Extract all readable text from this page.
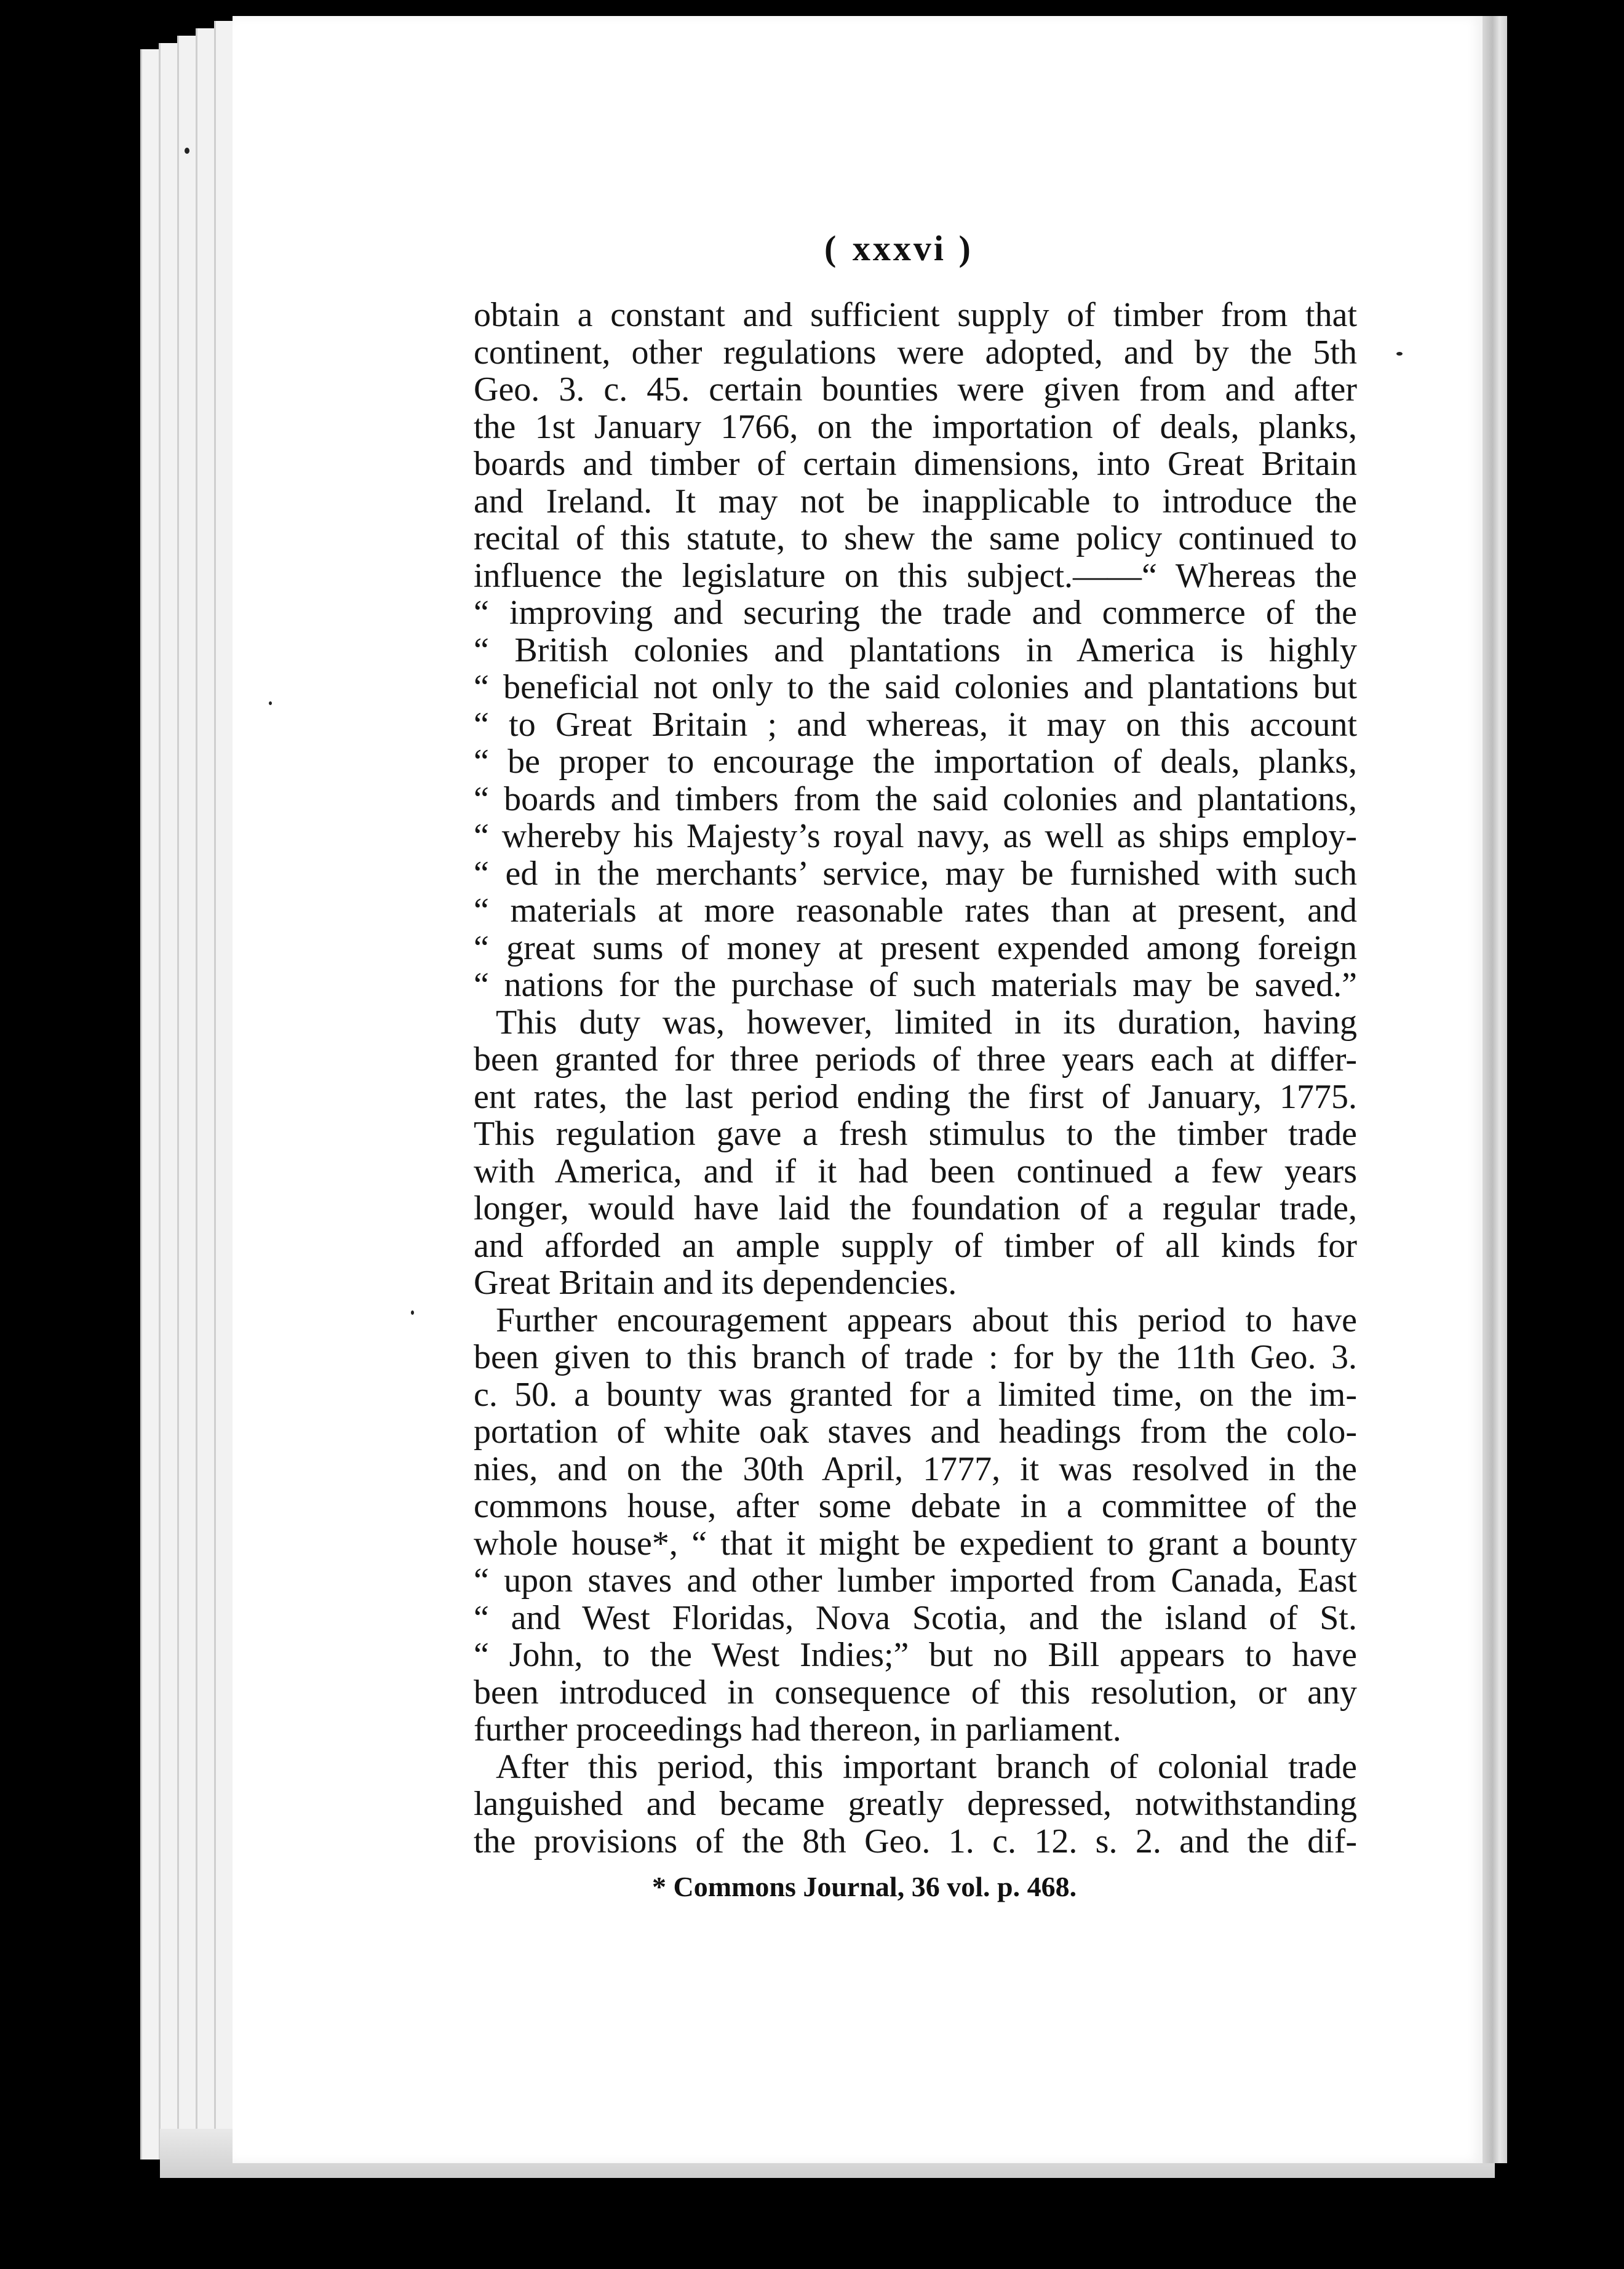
( xxxvi )
obtain a constant and sufficient supply of timber from that
continent, other regulations were adopted, and by the 5th
Geo. 3. c. 45. certain bounties were given from and after
the 1st January 1766, on the importation of deals, planks,
boards and timber of certain dimensions, into Great Britain
and Ireland. It may not be inapplicable to introduce the
recital of this statute, to shew the same policy continued to
influence the legislature on this subject.——“ Whereas the
“ improving and securing the trade and commerce of the
“ British colonies and plantations in America is highly
“ beneficial not only to the said colonies and plantations but
“ to Great Britain ; and whereas, it may on this account
“ be proper to encourage the importation of deals, planks,
“ boards and timbers from the said colonies and plantations,
“ whereby his Majesty’s royal navy, as well as ships employ-
“ ed in the merchants’ service, may be furnished with such
“ materials at more reasonable rates than at present, and
“ great sums of money at present expended among foreign
“ nations for the purchase of such materials may be saved.”
This duty was, however, limited in its duration, having
been granted for three periods of three years each at differ-
ent rates, the last period ending the first of January, 1775.
This regulation gave a fresh stimulus to the timber trade
with America, and if it had been continued a few years
longer, would have laid the foundation of a regular trade,
and afforded an ample supply of timber of all kinds for
Great Britain and its dependencies.
Further encouragement appears about this period to have
been given to this branch of trade : for by the 11th Geo. 3.
c. 50. a bounty was granted for a limited time, on the im-
portation of white oak staves and headings from the colo-
nies, and on the 30th April, 1777, it was resolved in the
commons house, after some debate in a committee of the
whole house*, “ that it might be expedient to grant a bounty
“ upon staves and other lumber imported from Canada, East
“ and West Floridas, Nova Scotia, and the island of St.
“ John, to the West Indies;” but no Bill appears to have
been introduced in consequence of this resolution, or any
further proceedings had thereon, in parliament.
After this period, this important branch of colonial trade
languished and became greatly depressed, notwithstanding
the provisions of the 8th Geo. 1. c. 12. s. 2. and the dif-
* Commons Journal, 36 vol. p. 468.
